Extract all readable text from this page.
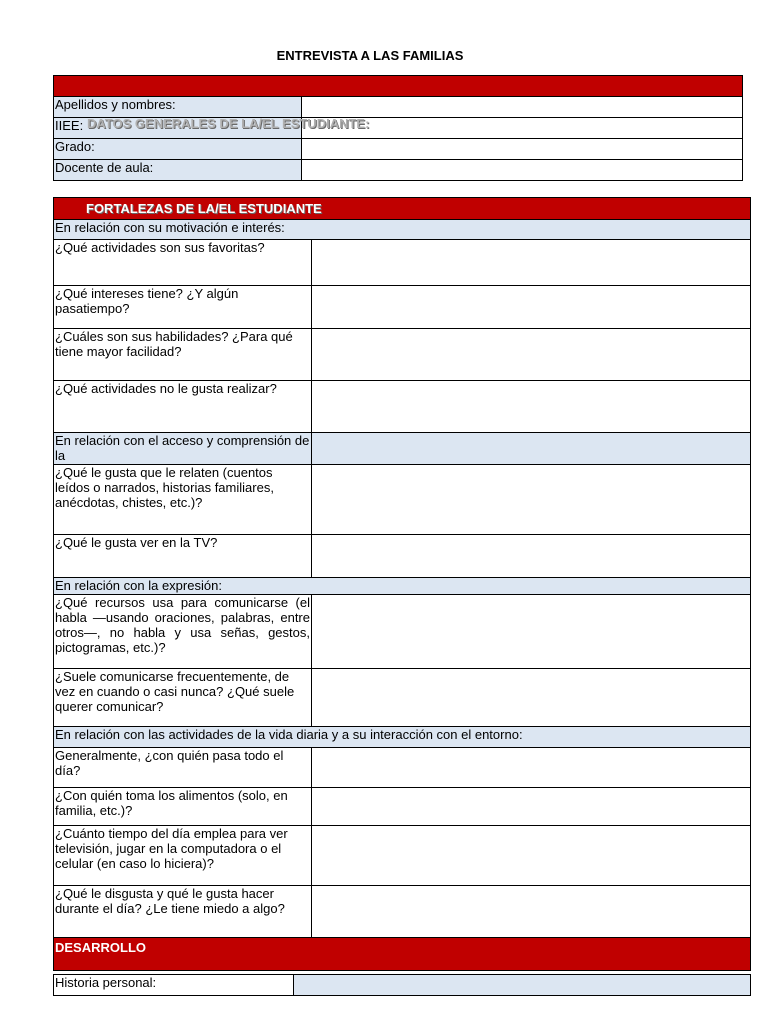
ENTREVISTA A LAS FAMILIAS

Apellidos y nombres:	
IIEE:	
Grado:	
Docente de aula:	
DATOS GENERALES DE LA/EL ESTUDIANTE:
FORTALEZAS DE LA/EL ESTUDIANTE	
En relación con su motivación e interés:	
¿Qué actividades son sus favoritas?	
¿Qué intereses tiene? ¿Y algún pasatiempo?	
¿Cuáles son sus habilidades? ¿Para qué tiene mayor facilidad?	
¿Qué actividades no le gusta realizar?	
En relación con el acceso y comprensión de la	
¿Qué le gusta que le relaten (cuentos leídos o narrados, historias familiares, anécdotas, chistes, etc.)?	
¿Qué le gusta ver en la TV?	
En relación con la expresión:	
¿Qué recursos usa para comunicarse (el habla —usando oraciones, palabras, entre otros—, no habla y usa señas, gestos, pictogramas, etc.)?	
¿Suele comunicarse frecuentemente, de vez en cuando o casi nunca? ¿Qué suele querer comunicar?	
En relación con las actividades de la vida diaria y a su interacción con el entorno:	
Generalmente, ¿con quién pasa todo el día?	
¿Con quién toma los alimentos (solo, en familia, etc.)?	
¿Cuánto tiempo del día emplea para ver televisión, jugar en la computadora o el celular (en caso lo hiciera)?	
¿Qué le disgusta y qué le gusta hacer durante el día? ¿Le tiene miedo a algo?	
DESARROLLO	
Historia personal:	
